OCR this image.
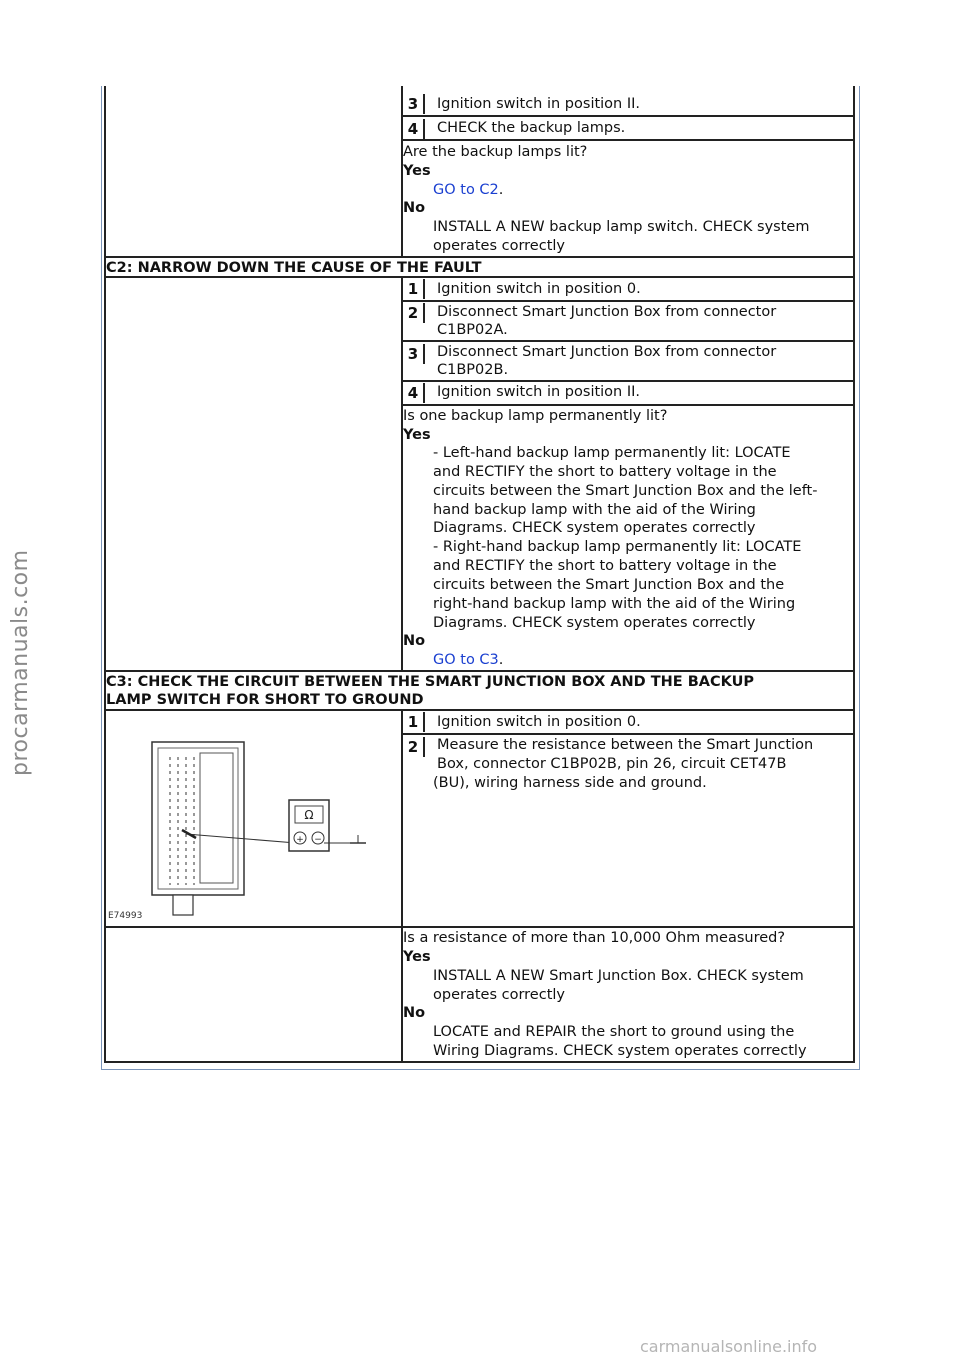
3	Ignition switch in position II.
4	CHECK the backup lamps.
Are the backup lamps lit?
Yes
GO to C2.
No
INSTALL A NEW backup lamp switch. CHECK system
operates correctly
C2: NARROW DOWN THE CAUSE OF THE FAULT
1	Ignition switch in position 0.
2	Disconnect Smart Junction Box from connector
C1BP02A.
3	Disconnect Smart Junction Box from connector
C1BP02B.
4	Ignition switch in position II.
Is one backup lamp permanently lit?
Yes
- Left-hand backup lamp permanently lit: LOCATE
and RECTIFY the short to battery voltage in the
circuits between the Smart Junction Box and the left-
hand backup lamp with the aid of the Wiring
Diagrams. CHECK system operates correctly
- Right-hand backup lamp permanently lit: LOCATE
and RECTIFY the short to battery voltage in the
circuits between the Smart Junction Box and the
right-hand backup lamp with the aid of the Wiring
Diagrams. CHECK system operates correctly
No
GO to C3.
C3: CHECK THE CIRCUIT BETWEEN THE SMART JUNCTION BOX AND THE BACKUP
LAMP SWITCH FOR SHORT TO GROUND
1	Ignition switch in position 0.
2	Measure the resistance between the Smart Junction
Box, connector C1BP02B, pin 26, circuit CET47B
(BU), wiring harness side and ground.
Ω
+ −
E74993
Is a resistance of more than 10,000 Ohm measured?
Yes
INSTALL A NEW Smart Junction Box. CHECK system
operates correctly
No
LOCATE and REPAIR the short to ground using the
Wiring Diagrams. CHECK system operates correctly
procarmanuals.com
carmanualsonline.info
